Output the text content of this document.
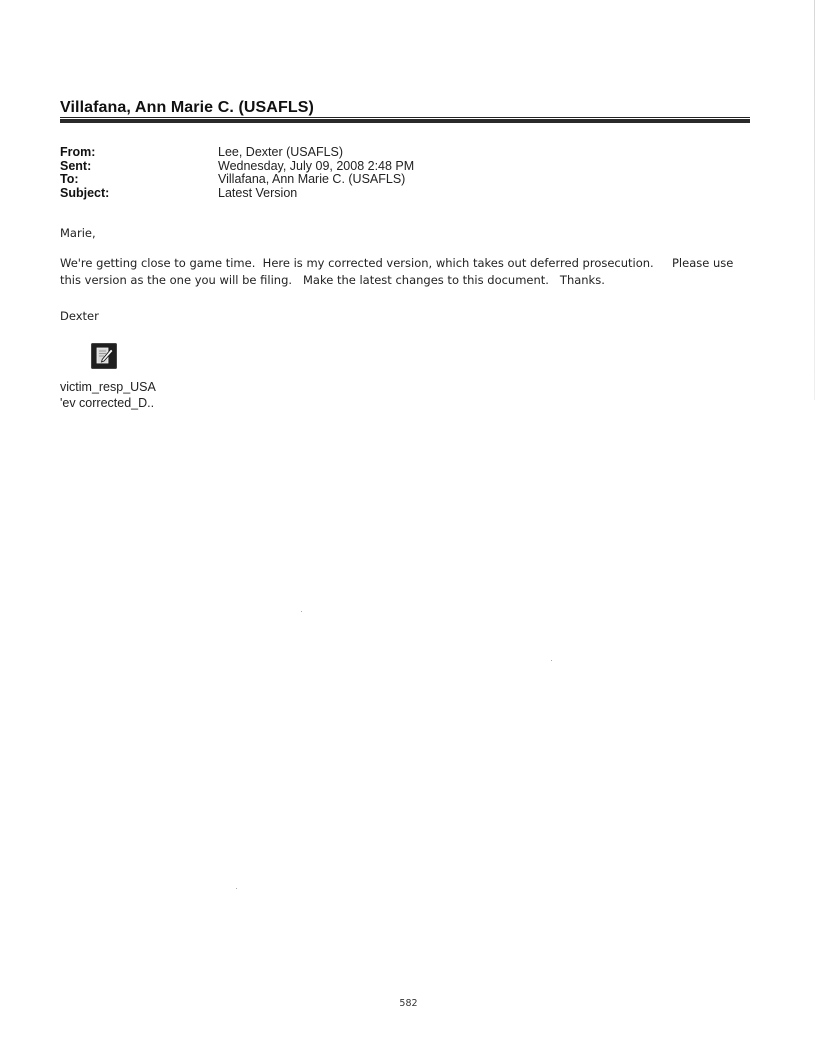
Villafana, Ann Marie C. (USAFLS)
From:	Lee, Dexter (USAFLS)
Sent:	Wednesday, July 09, 2008 2:48 PM
To:	Villafana, Ann Marie C. (USAFLS)
Subject:	Latest Version
Marie,
We're getting close to game time.  Here is my corrected version, which takes out deferred prosecution.     Please use
this version as the one you will be filing.   Make the latest changes to this document.   Thanks.
Dexter
victim_resp_USA
'ev corrected_D..
582
